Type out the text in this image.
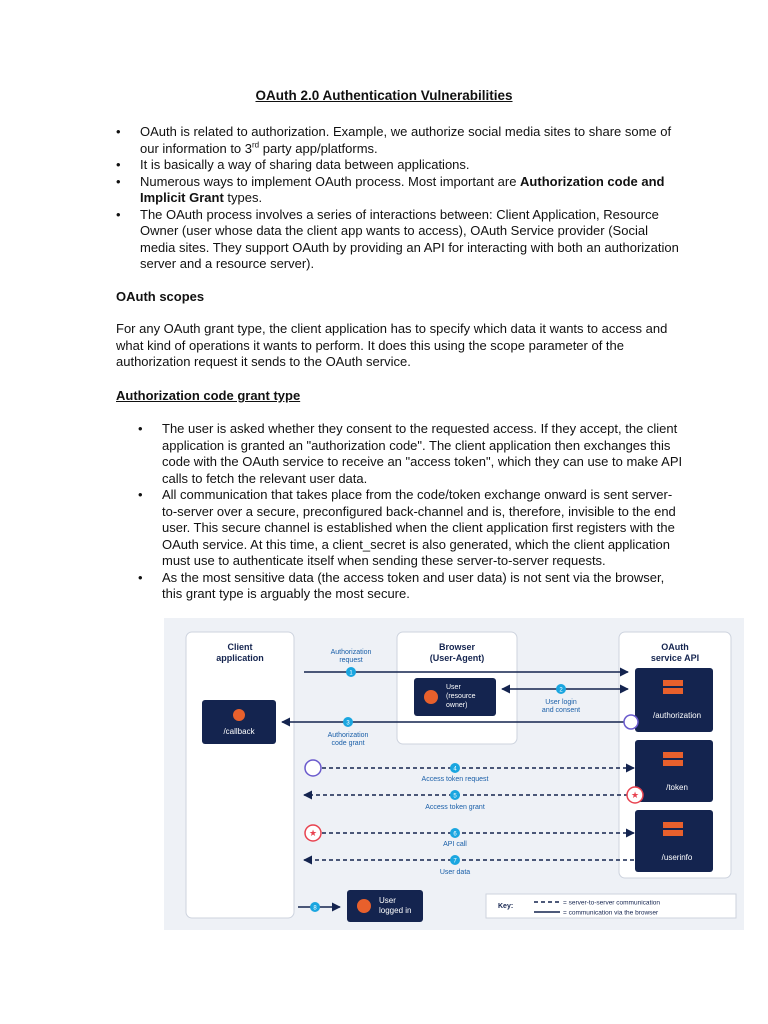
OAuth 2.0 Authentication Vulnerabilities
• OAuth is related to authorization. Example, we authorize social media sites to share some of our information to 3rd party app/platforms.
• It is basically a way of sharing data between applications.
• Numerous ways to implement OAuth process. Most important are Authorization code and Implicit Grant types.
• The OAuth process involves a series of interactions between: Client Application, Resource Owner (user whose data the client app wants to access), OAuth Service provider (Social media sites. They support OAuth by providing an API for interacting with both an authorization server and a resource server).
OAuth scopes
For any OAuth grant type, the client application has to specify which data it wants to access and what kind of operations it wants to perform. It does this using the scope parameter of the authorization request it sends to the OAuth service.
Authorization code grant type
• The user is asked whether they consent to the requested access. If they accept, the client application is granted an "authorization code". The client application then exchanges this code with the OAuth service to receive an "access token", which they can use to make API calls to fetch the relevant user data.
• All communication that takes place from the code/token exchange onward is sent server-to-server over a secure, preconfigured back-channel and is, therefore, invisible to the end user. This secure channel is established when the client application first registers with the OAuth service. At this time, a client_secret is also generated, which the client application must use to authenticate itself when sending these server-to-server requests.
• As the most sensitive data (the access token and user data) is not sent via the browser, this grant type is arguably the most secure.
Client
application
Browser
(User-Agent)
OAuth
service API
/callback
User
(resource
owner)
/authorization
/token
/userinfo
1
Authorization
request
2
User login
and consent
3
Authorization
code grant
4
Access token request
★
5
Access token grant
★	6
API call
7
User data
8
User
logged in	Key:	= server-to-server communication
= communication via the browser
